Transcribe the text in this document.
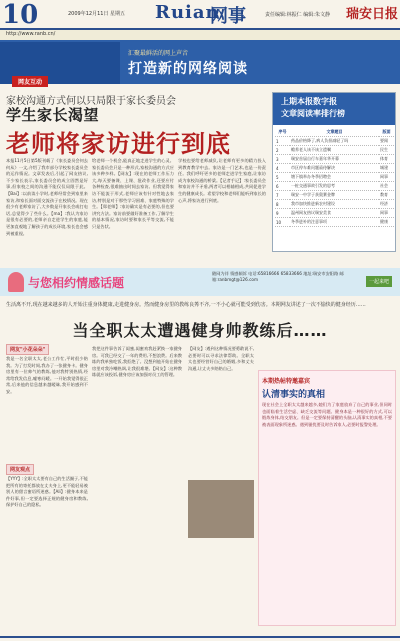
10	2009年12月11日 星期五 Ruian
网事	责任编辑:林振仁 编辑:朱文静 瑞安日报
http://www.ranb.cn/
汇聚最鲜活的网上声音
打造新的网络阅读
网友互动
家校沟通方式何以只局限于家长委员会
学生家长渴望
老师将家访进行到底
本报11月5日第5版刊载了《家长委员会何去何从》一文,介绍了我市部分学校家长委员会的运作情况。文章发表后,引起了网友热议,不少家长表示,家长委员会的成立固然是好事,但家校之间的沟通不能仅仅局限于此。【Bai】:以前读小学时,老师经常会到家里来家访,和家长面对面交流孩子在校情况。现在很少有老师家访了,大多数是开家长会或打电话,总觉得少了些什么。【ma】:我认为家访是很有必要的,老师亲自走进学生的家庭,能更加直观地了解孩子的成长环境,家长也会感到被重视。
给老师一个机会,能真正地走进学生的心灵。家长委员会只是一种形式,家校沟通的方式应该多种多样。【网友】:现在的老师工作压力大,每天要备课、上课、批改作业,还要应付各种检查,很难抽出时间去家访。但我觉得家访不能流于形式,老师应该有针对性地去家访,特别是对于那些学习困难、家庭特殊的学生。【郑老师】:家访确实是有必要的,但也要讲究方法。家访前要做好准备工作,了解学生的基本情况,家访时要和家长平等交流,不能只是告状。
学校也要给老师减负,让老师有更多的精力投入到教育教学中去。家访是一门艺术,也是一份责任。我们呼吁更多的老师走进学生家庭,让家访成为家校沟通的桥梁。【记者手记】:家长委员会和家访并不矛盾,两者可以相辅相成,共同促进学生的健康成长。希望学校和老师们能听到家长的心声,将家访进行到底。
上期本报数字报
文章阅读率排行榜
序号	文章题目	版面
1	药品价格降了,病人负担减轻了吗	要闻
2	赡养老人该不该立遗嘱	民生
3	瑞安首届自行车嘉年华开幕	体育
4	市区停车难问题亟待解决	城建
5	塘下镇举办冬季招聘会	网事
6	一桩交通事故引发的思考	社会
7	瑞安一中学子获奥赛金牌	教育
8	我市加快推进新农村建设	经济
9	温州网友热议瑞安美食	网事
10	冬季进补的注意事项	健康
与您相约情感话题
随网为伴 情感倾诉 电话:65816666 65833666 地址:瑞安市安阳路 邮箱:ranbmgt@126.com	一起来吧
生活离不开,现在越来越多的人开始注重身体健康,走进健身房。然而健身房里的教练良莠不齐,一不小心就可能受到伤害。本期网友讲述了一次不愉快的健身经历……
当全职太太遭遇健身帅教练后……
网友"小花朵朵"
我是一名全职太太,老公工作忙,平时很少陪我。为了打发时间,我办了一张健身卡。健身房里有一位帅气的教练,他对我特别热情,经常给我发信息,嘘寒问暖。一开始我觉得很正常,后来他的信息越来越暧昧,我开始感到不安。
网友观点
【YYY】:全职太太要有自己的生活圈子,不能把所有的寄托都放在丈夫身上,更不能轻易被别人的甜言蜜语所迷惑。【Ali】:健身本来是件好事,但一定要选择正规的健身房和教练,保护好自己的隐私。
我把这件事告诉了闺蜜,闺蜜劝我赶紧换一家健身房。可我已经交了一年的费用,不想浪费。后来教练约我单独吃饭,我拒绝了。没想到他开始在健身房里对我冷嘲热讽,让我很难堪。【网友】:这种教练就应该投诉,健身房应该加强对员工的管理。
【网友】:遇到这种情况要勇敢说不,必要时可以寻求法律帮助。全职太太也要经营好自己的婚姻,多和丈夫沟通,让丈夫多陪陪自己。
本期热帖特邀嘉宾
认清事实的真相
现在社会上全职太太越来越多,她们为了家庭放弃了自己的事业,但同时也面临着生活空虚、缺乏交流等问题。健身本是一种很好的方式,可以锻炼身体,结交朋友。但是一定要保持清醒的头脑,认清事实的真相,不要被表面现象所迷惑。遇到骚扰要及时告诉家人,必要时报警处理。
